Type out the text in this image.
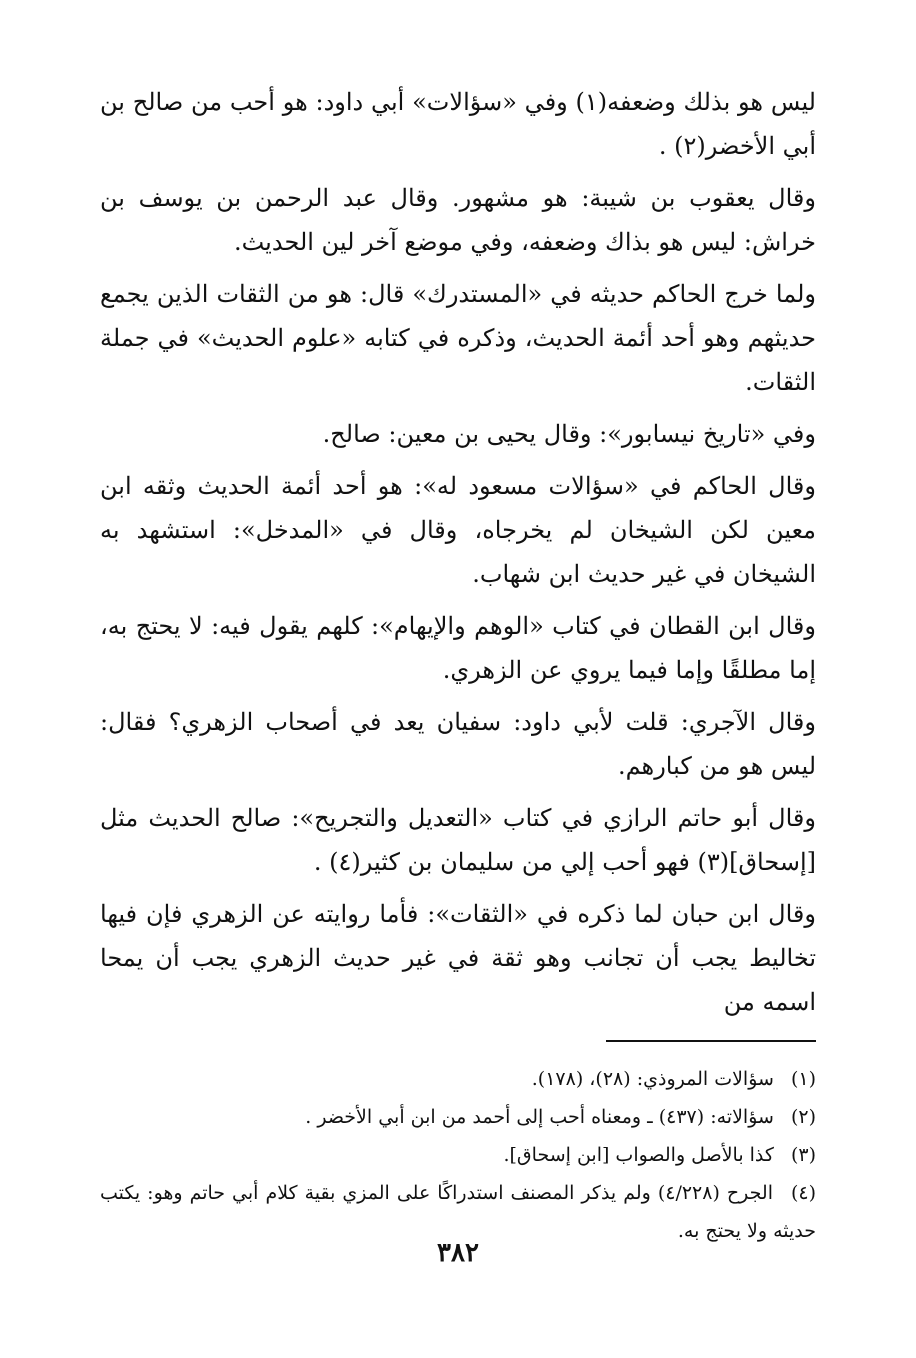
ليس هو بذلك وضعفه(١) وفي «سؤالات» أبي داود: هو أحب من صالح بن أبي الأخضر(٢) .

وقال يعقوب بن شيبة: هو مشهور. وقال عبد الرحمن بن يوسف بن خراش: ليس هو بذاك وضعفه، وفي موضع آخر لين الحديث.

ولما خرج الحاكم حديثه في «المستدرك» قال: هو من الثقات الذين يجمع حديثهم وهو أحد أئمة الحديث، وذكره في كتابه «علوم الحديث» في جملة الثقات.

وفي «تاريخ نيسابور»: وقال يحيى بن معين: صالح.

وقال الحاكم في «سؤالات مسعود له»: هو أحد أئمة الحديث وثقه ابن معين لكن الشيخان لم يخرجاه، وقال في «المدخل»: استشهد به الشيخان في غير حديث ابن شهاب.

وقال ابن القطان في كتاب «الوهم والإيهام»: كلهم يقول فيه: لا يحتج به، إما مطلقًا وإما فيما يروي عن الزهري.

وقال الآجري: قلت لأبي داود: سفيان يعد في أصحاب الزهري؟ فقال: ليس هو من كبارهم.

وقال أبو حاتم الرازي في كتاب «التعديل والتجريح»: صالح الحديث مثل [إسحاق](٣) فهو أحب إلي من سليمان بن كثير(٤) .

وقال ابن حبان لما ذكره في «الثقات»: فأما روايته عن الزهري فإن فيها تخاليط يجب أن تجانب وهو ثقة في غير حديث الزهري يجب أن يمحا اسمه من

(١) سؤالات المروذي: (٢٨)، (١٧٨).
(٢) سؤالاته: (٤٣٧) ـ ومعناه أحب إلى أحمد من ابن أبي الأخضر .
(٣) كذا بالأصل والصواب [ابن إسحاق].
(٤) الجرح (٤/٢٢٨) ولم يذكر المصنف استدراكًا على المزي بقية كلام أبي حاتم وهو: يكتب حديثه ولا يحتج به.
٣٨٢
